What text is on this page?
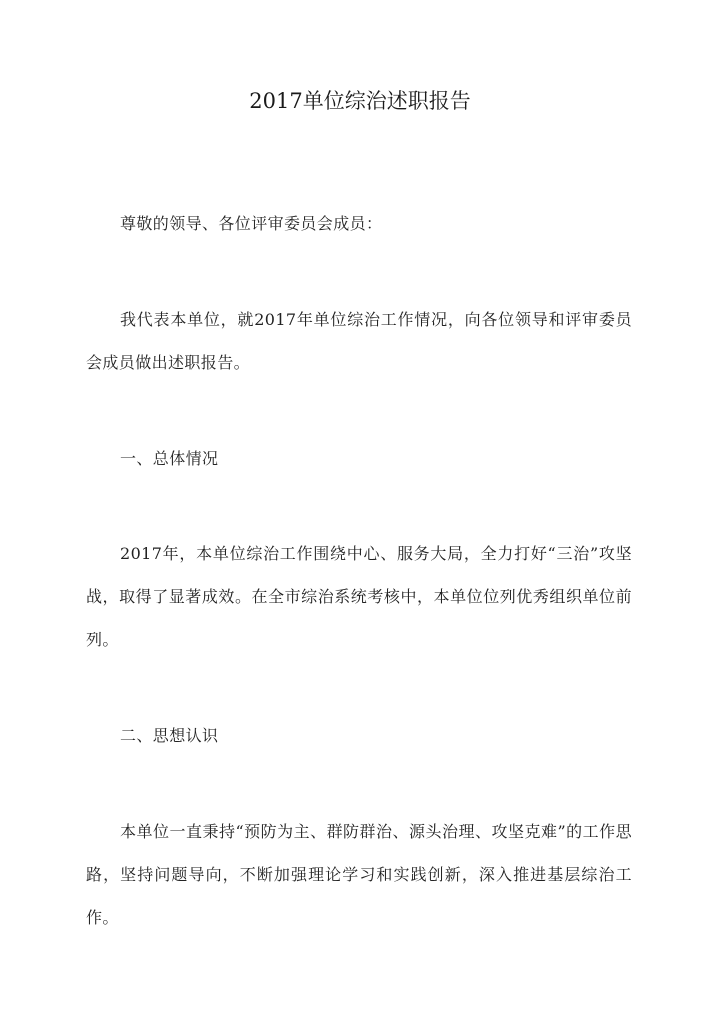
2017单位综治述职报告

尊敬的领导、各位评审委员会成员：

我代表本单位，就2017年单位综治工作情况，向各位领导和评审委员会成员做出述职报告。

一、总体情况

2017年，本单位综治工作围绕中心、服务大局，全力打好“三治”攻坚战，取得了显著成效。在全市综治系统考核中，本单位位列优秀组织单位前列。

二、思想认识

本单位一直秉持“预防为主、群防群治、源头治理、攻坚克难”的工作思路，坚持问题导向，不断加强理论学习和实践创新，深入推进基层综治工作。
